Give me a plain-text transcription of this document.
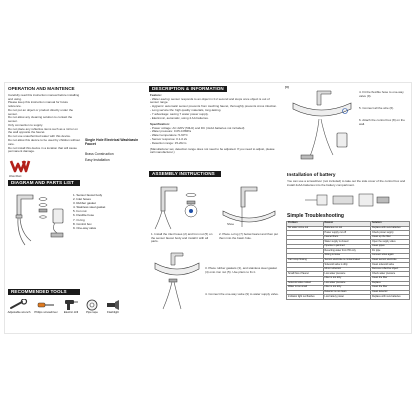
OPERATION AND MAINTENCE

Carefully read this instruction manual before installing and using.

Please keep this instruction manual for future reference.

Do not put an object or product directly under the sensor.

Do not allow any cleaning solution to contact the sensor.

Only connection to supply.

Do not place any reflective items such as a mirror on the wall opposite the faucet.

Do not use unauthorized water with this device.

Do not allow this device to be used by children without care.

Do not install this device in a location that will cause permanent damage.

Single Hole Electrical Washbasin Faucet
Brass Construction
Easy Installation
WaterMark
DIAGRAM AND PARTS LIST
1. Sensor faucet body
2. Inlet hoses
3. Rubber gasket
4. Stainless steel gasket
5. Iron nut
6. Flexible hose
7. O-ring
8. Control box
9. One-way valve
RECOMMENDED TOOLS
Adjustable wrench	Philips screwdriver	Electric drill	Pipe tape	Flashlight
DESCRIPTION & INFORMATION

Feature:

- Water-saving: sensor responds to an object in 0.2 second and stops once object is out of sensor range.

- Hygienic: automatic sensor prevents from touching faucet, thoroughly prevents cross infection.

- Long service life: high quality materials, long-lasting.

- 7 advantage: saving 7 water power supply.

- Electronic, automatic, using 4 AA batteries.

Specification:

- Power voltage: AC 220V (50Hz) and DC (4xAA batteries not included)

- Water pressure: 0.05-0.8MPa

- Water temperature: 5-60°C

- Sensor response: 0.1-0.2s

- Detection range: 15-20cm

(Manufacturer set, detection range does not need to be adjusted. If you need to adjust, please call manufacturer.)

ASSEMBLY INSTRUCTIONS
Shoe
1. Install the inlet hoses (2) and Iron nut (5) on the sensor faucet body and install it with all parts.
2. Place o-ring (7) below faucet and then put them into the basin hole.
3. Place rubber gaskets (3), and stainless steel gasket (4) onto iron nut (5). Use pliers to fix it.
4. Connect the one-way valve (9) to water supply valve.
[3]
4. Fit the flexible hose to one-way valve (9).
5. Connect all the wire (6).
6. Attach the control box (8) on the wall.
Installation of battery
You can use a screwdriver (not included) to take out the side cover of the control box and install 4xAA batteries into the battery compartment.
Simple Troubleshooting
Problem	Reason	Solution
No water come out	Batteries run out	Replace with new batteries
	Power supply cut off	Check power supply
	Faucet filters	Clean up the filter
	Water supply is closed	Open the supply valve
	Pipeline is jammed	Clean pipes
	Reverting water from HD only	Fix pipe
	Wiring is loose	Connect wires again
Can't stop flowing	Sensor electrode is contaminated	Clean sensor electrode
	Solenoid valve is dirty	Clean solenoid valve
	Mirror reflection	Remove reflective object
Small flow of faucet	Low water pressure	Check water pressure
	Filter is too dirty	Clean the filter
Solenoid valve rusted	Low water pressure	Replace
Water is too small	Filter is too dirty	Clean the filter
	Detector is not clean	Clean detector
Indicator light red flashes	Low battery power	Replace with new batteries
